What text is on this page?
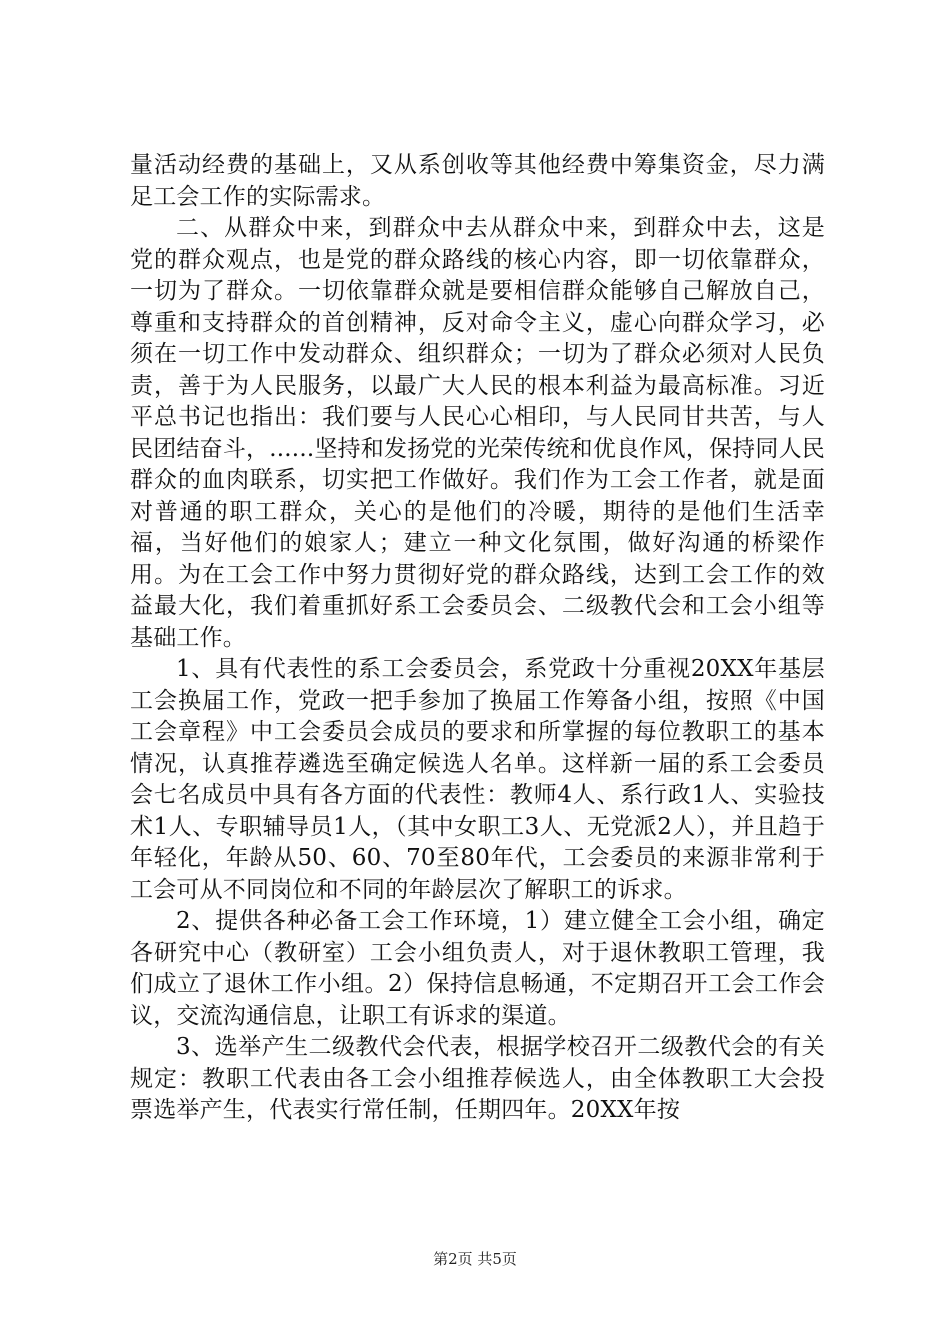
量活动经费的基础上，又从系创收等其他经费中筹集资金，尽力满足工会工作的实际需求。

二、从群众中来，到群众中去从群众中来，到群众中去，这是党的群众观点，也是党的群众路线的核心内容，即一切依靠群众，一切为了群众。一切依靠群众就是要相信群众能够自己解放自己，尊重和支持群众的首创精神，反对命令主义，虚心向群众学习，必须在一切工作中发动群众、组织群众；一切为了群众必须对人民负责，善于为人民服务，以最广大人民的根本利益为最高标准。习近平总书记也指出：我们要与人民心心相印，与人民同甘共苦，与人民团结奋斗，......坚持和发扬党的光荣传统和优良作风，保持同人民群众的血肉联系，切实把工作做好。我们作为工会工作者，就是面对普通的职工群众，关心的是他们的冷暖，期待的是他们生活幸福，当好他们的娘家人；建立一种文化氛围，做好沟通的桥梁作用。为在工会工作中努力贯彻好党的群众路线，达到工会工作的效益最大化，我们着重抓好系工会委员会、二级教代会和工会小组等基础工作。

1、具有代表性的系工会委员会，系党政十分重视20XX年基层工会换届工作，党政一把手参加了换届工作筹备小组，按照《中国工会章程》中工会委员会成员的要求和所掌握的每位教职工的基本情况，认真推荐遴选至确定候选人名单。这样新一届的系工会委员会七名成员中具有各方面的代表性：教师4人、系行政1人、实验技术1人、专职辅导员1人，（其中女职工3人、无党派2人），并且趋于年轻化，年龄从50、60、70至80年代，工会委员的来源非常利于工会可从不同岗位和不同的年龄层次了解职工的诉求。

2、提供各种必备工会工作环境，1）建立健全工会小组，确定各研究中心（教研室）工会小组负责人，对于退休教职工管理，我们成立了退休工作小组。2）保持信息畅通，不定期召开工会工作会议，交流沟通信息，让职工有诉求的渠道。

3、选举产生二级教代会代表，根据学校召开二级教代会的有关规定：教职工代表由各工会小组推荐候选人，由全体教职工大会投票选举产生，代表实行常任制，任期四年。20XX年按

第2页 共5页
